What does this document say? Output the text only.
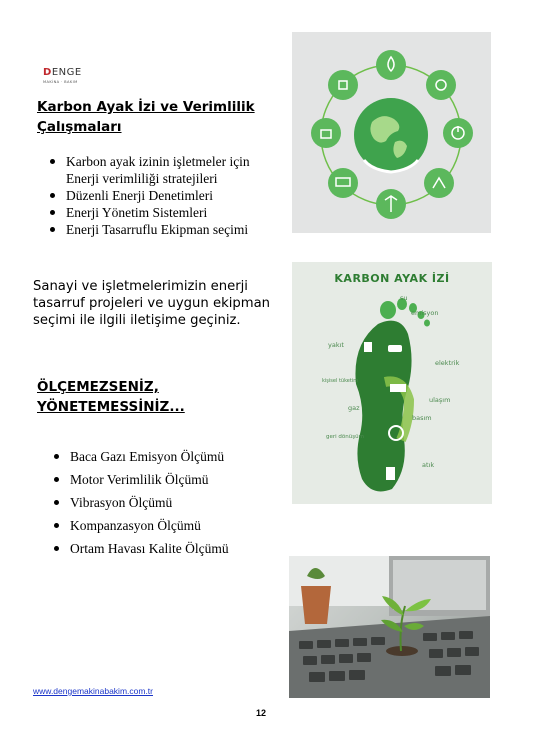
DENGE
MAKİNA · BAKIM
Karbon Ayak İzi ve Verimlilik
Çalışmaları
Karbon ayak izinin işletmeler için Enerji verimliliği stratejileri
Düzenli Enerji Denetimleri
Enerji Yönetim Sistemleri
Enerji Tasarruflu Ekipman seçimi
Sanayi ve işletmelerimizin enerji tasarruf projeleri ve uygun ekipman seçimi ile ilgili iletişime geçiniz.
ÖLÇEMEZSENİZ,
YÖNETEMESSİNİZ...
Baca Gazı Emisyon Ölçümü
Motor Verimlilik Ölçümü
Vibrasyon Ölçümü
Kompanzasyon Ölçümü
Ortam Havası Kalite Ölçümü
KARBON AYAK İZİ
su
emisyon
yakıt
elektrik
kişisel tüketim
ulaşım
gaz
basım
geri dönüşüm
atık
www.dengemakinabakim.com.tr
12
